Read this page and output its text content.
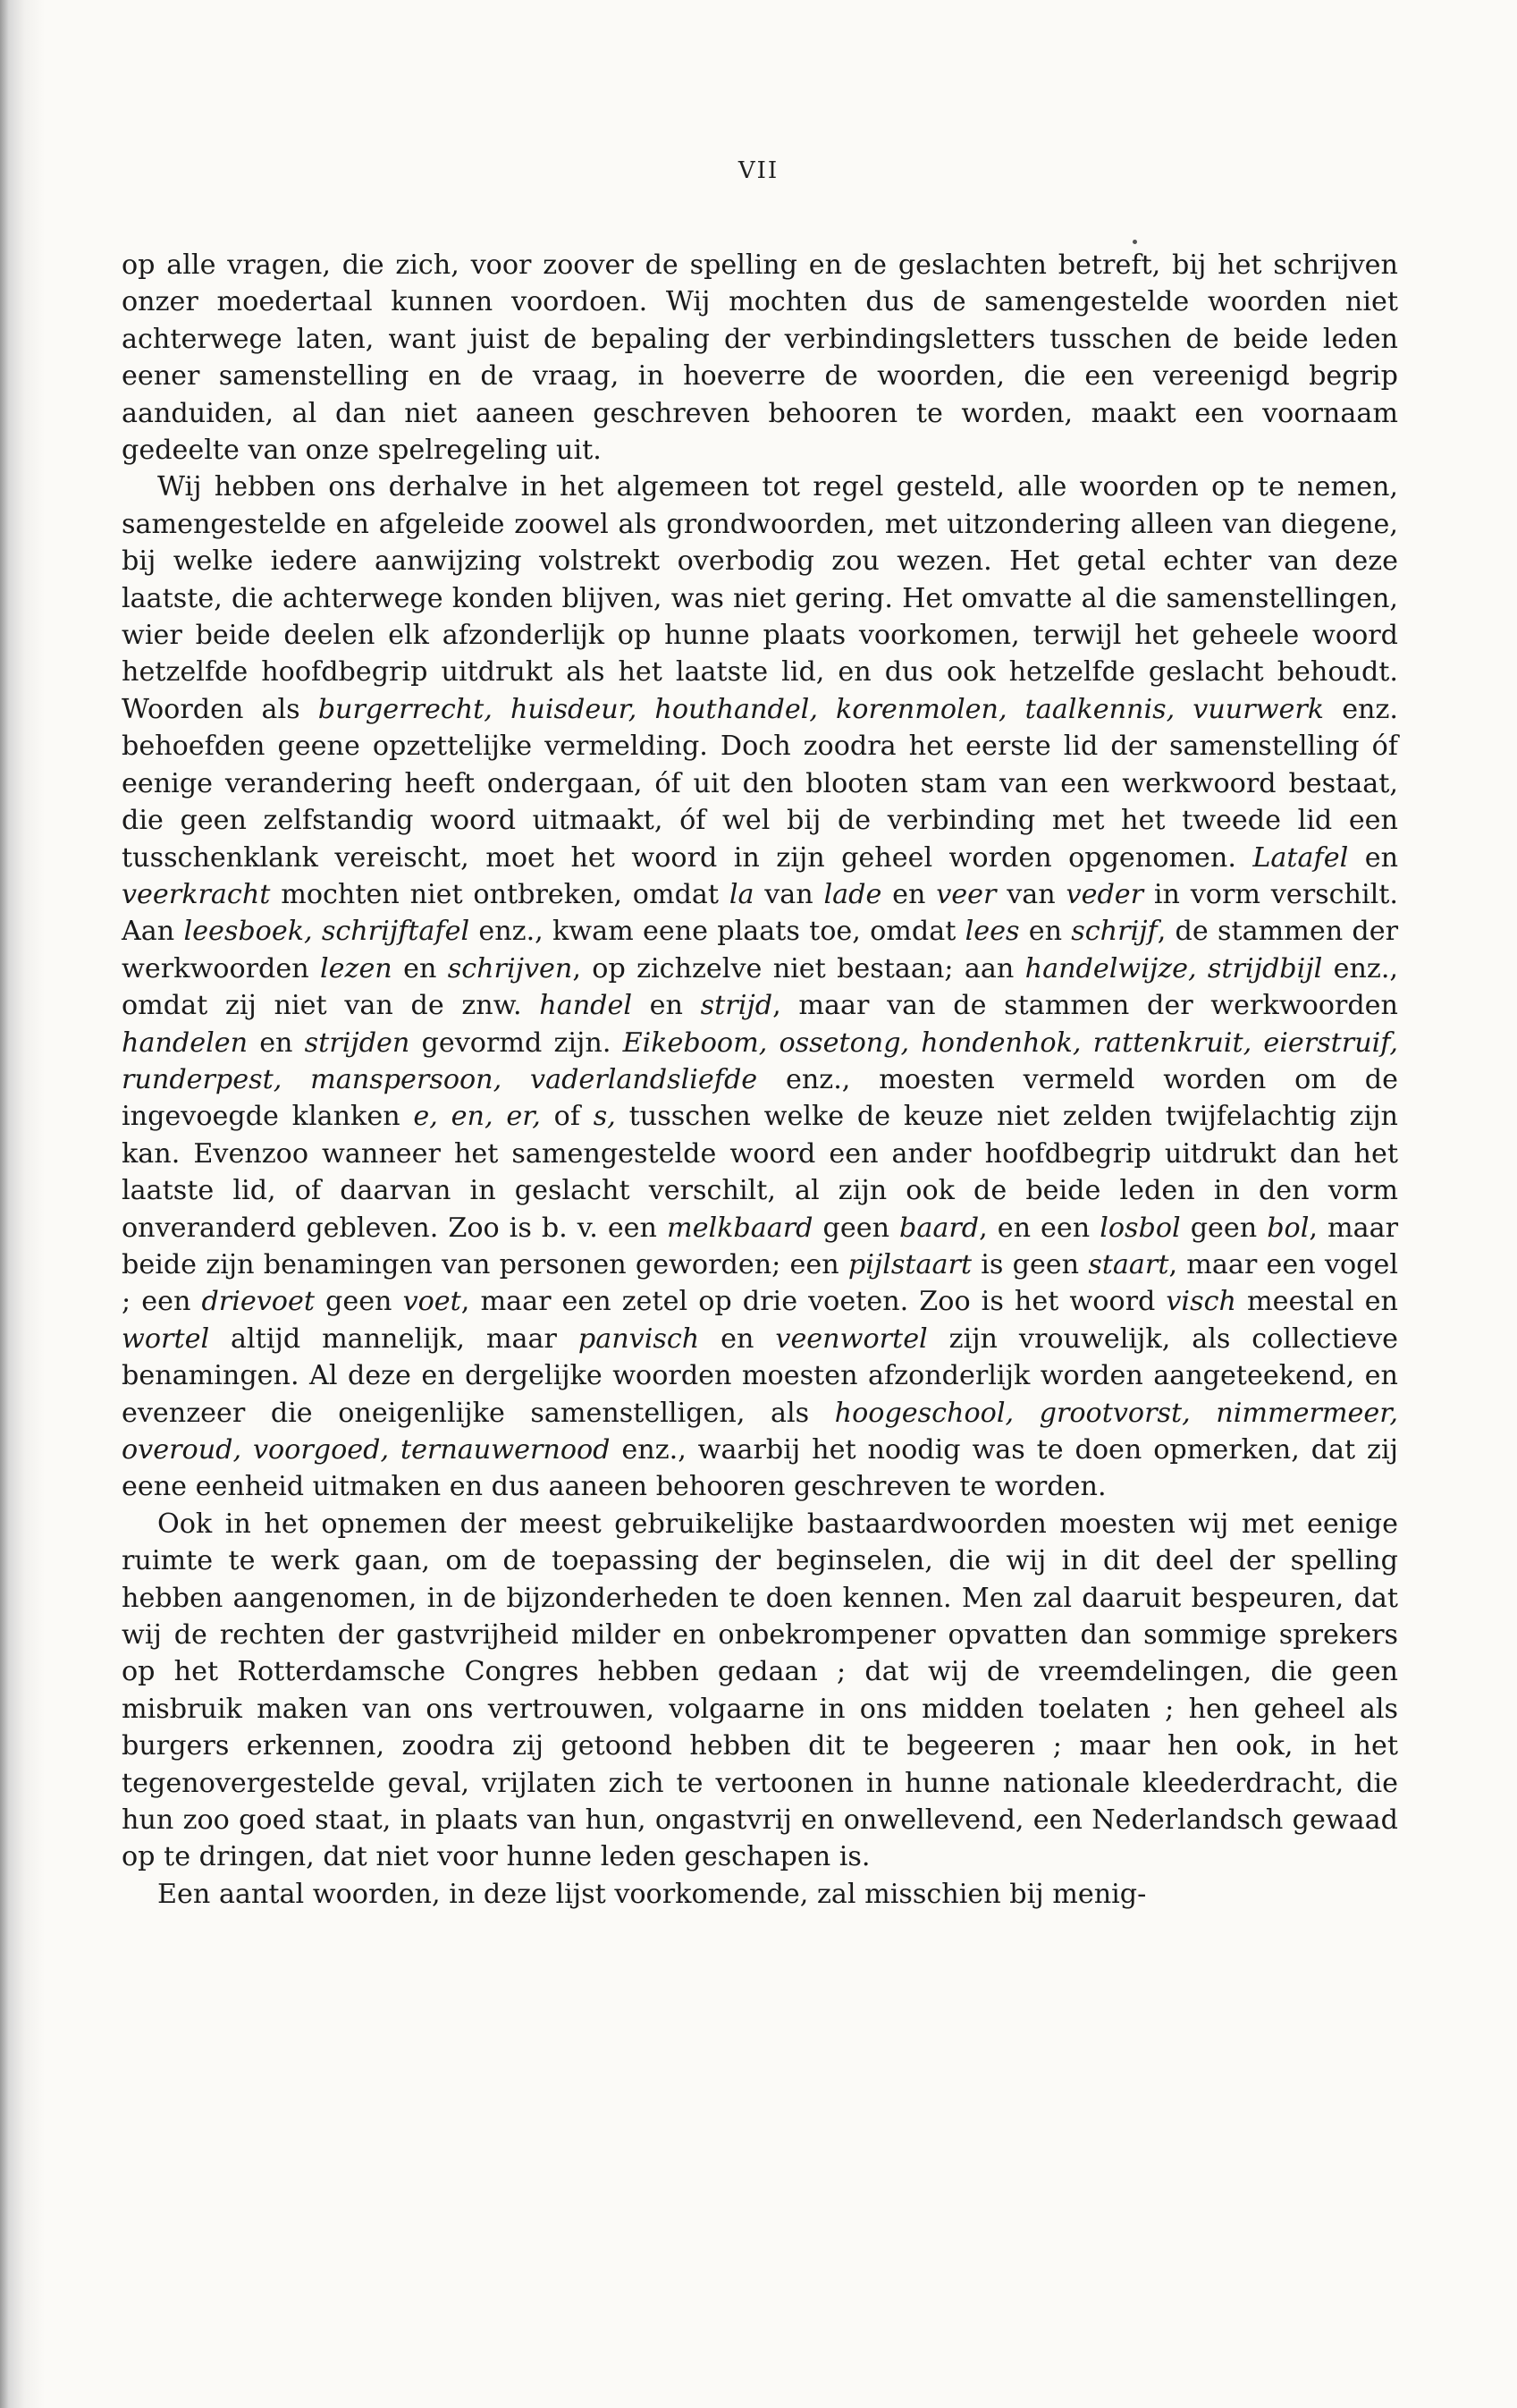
VII

op alle vragen, die zich, voor zoover de spelling en de geslachten betreft, bij het schrijven onzer moedertaal kunnen voordoen. Wij mochten dus de samengestelde woorden niet achterwege laten, want juist de bepaling der verbindingsletters tusschen de beide leden eener samenstelling en de vraag, in hoeverre de woorden, die een vereenigd begrip aanduiden, al dan niet aaneen geschreven behooren te worden, maakt een voornaam gedeelte van onze spelregeling uit.

Wij hebben ons derhalve in het algemeen tot regel gesteld, alle woorden op te nemen, samengestelde en afgeleide zoowel als grondwoorden, met uitzondering alleen van diegene, bij welke iedere aanwijzing volstrekt overbodig zou wezen. Het getal echter van deze laatste, die achterwege konden blijven, was niet gering. Het omvatte al die samenstellingen, wier beide deelen elk afzonderlijk op hunne plaats voorkomen, terwijl het geheele woord hetzelfde hoofdbegrip uitdrukt als het laatste lid, en dus ook hetzelfde geslacht behoudt. Woorden als burgerrecht, huisdeur, houthandel, korenmolen, taalkennis, vuurwerk enz. behoefden geene opzettelijke vermelding. Doch zoodra het eerste lid der samenstelling óf eenige verandering heeft ondergaan, óf uit den blooten stam van een werkwoord bestaat, die geen zelfstandig woord uitmaakt, óf wel bij de verbinding met het tweede lid een tusschenklank vereischt, moet het woord in zijn geheel worden opgenomen. Latafel en veerkracht mochten niet ontbreken, omdat la van lade en veer van veder in vorm verschilt. Aan leesboek, schrijftafel enz., kwam eene plaats toe, omdat lees en schrijf, de stammen der werkwoorden lezen en schrijven, op zichzelve niet bestaan; aan handelwijze, strijdbijl enz., omdat zij niet van de znw. handel en strijd, maar van de stammen der werkwoorden handelen en strijden gevormd zijn. Eikeboom, ossetong, hondenhok, rattenkruit, eierstruif, runderpest, manspersoon, vaderlandsliefde enz., moesten vermeld worden om de ingevoegde klanken e, en, er, of s, tusschen welke de keuze niet zelden twijfelachtig zijn kan. Evenzoo wanneer het samengestelde woord een ander hoofdbegrip uitdrukt dan het laatste lid, of daarvan in geslacht verschilt, al zijn ook de beide leden in den vorm onveranderd gebleven. Zoo is b. v. een melkbaard geen baard, en een losbol geen bol, maar beide zijn benamingen van personen geworden; een pijlstaart is geen staart, maar een vogel ; een drievoet geen voet, maar een zetel op drie voeten. Zoo is het woord visch meestal en wortel altijd mannelijk, maar panvisch en veenwortel zijn vrouwelijk, als collectieve benamingen. Al deze en dergelijke woorden moesten afzonderlijk worden aangeteekend, en evenzeer die oneigenlijke samenstelligen, als hoogeschool, grootvorst, nimmermeer, overoud, voorgoed, ternauwernood enz., waarbij het noodig was te doen opmerken, dat zij eene eenheid uitmaken en dus aaneen behooren geschreven te worden.

Ook in het opnemen der meest gebruikelijke bastaardwoorden moesten wij met eenige ruimte te werk gaan, om de toepassing der beginselen, die wij in dit deel der spelling hebben aangenomen, in de bijzonderheden te doen kennen. Men zal daaruit bespeuren, dat wij de rechten der gastvrijheid milder en onbekrompener opvatten dan sommige sprekers op het Rotterdamsche Congres hebben gedaan ; dat wij de vreemdelingen, die geen misbruik maken van ons vertrouwen, volgaarne in ons midden toelaten ; hen geheel als burgers erkennen, zoodra zij getoond hebben dit te begeeren ; maar hen ook, in het tegenovergestelde geval, vrijlaten zich te vertoonen in hunne nationale kleederdracht, die hun zoo goed staat, in plaats van hun, ongastvrij en onwellevend, een Nederlandsch gewaad op te dringen, dat niet voor hunne leden geschapen is.

Een aantal woorden, in deze lijst voorkomende, zal misschien bij menig-
